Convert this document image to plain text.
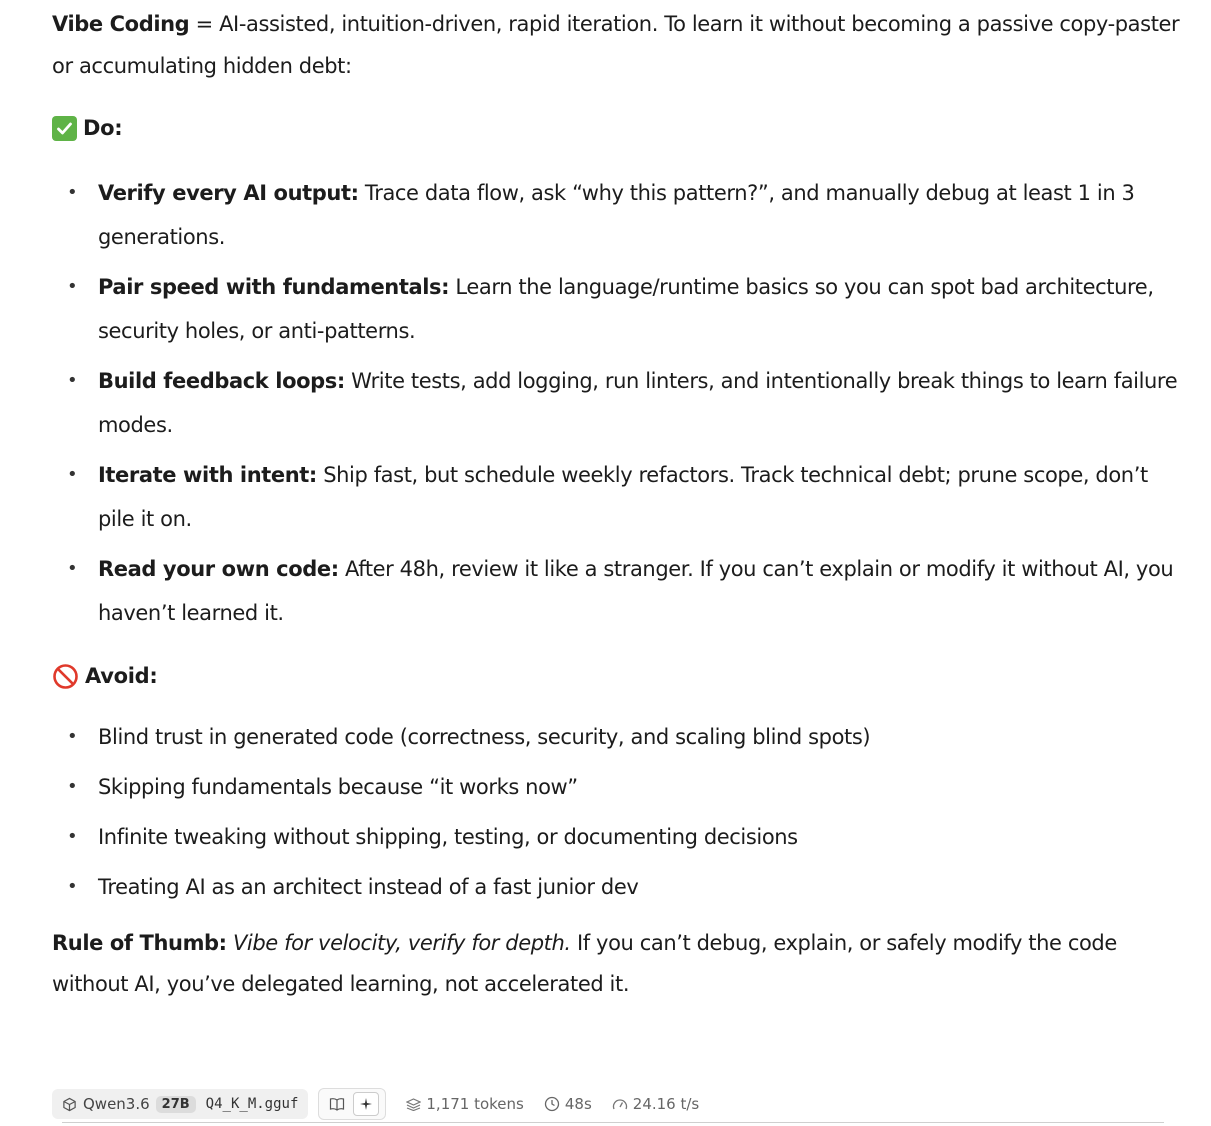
Vibe Coding = AI-assisted, intuition-driven, rapid iteration. To learn it without becoming a passive copy-paster or accumulating hidden debt:

Do:
• Verify every AI output: Trace data flow, ask “why this pattern?”, and manually debug at least 1 in 3 generations.
• Pair speed with fundamentals: Learn the language/runtime basics so you can spot bad architecture, security holes, or anti-patterns.
• Build feedback loops: Write tests, add logging, run linters, and intentionally break things to learn failure modes.
• Iterate with intent: Ship fast, but schedule weekly refactors. Track technical debt; prune scope, don’t pile it on.
• Read your own code: After 48h, review it like a stranger. If you can’t explain or modify it without AI, you haven’t learned it.
Avoid:
• Blind trust in generated code (correctness, security, and scaling blind spots)
• Skipping fundamentals because “it works now”
• Infinite tweaking without shipping, testing, or documenting decisions
• Treating AI as an architect instead of a fast junior dev

Rule of Thumb: Vibe for velocity, verify for depth. If you can’t debug, explain, or safely modify the code without AI, you’ve delegated learning, not accelerated it.

Qwen3.6 27B	Q4_K_M.gguf	1,171 tokens	48s	24.16 t/s
